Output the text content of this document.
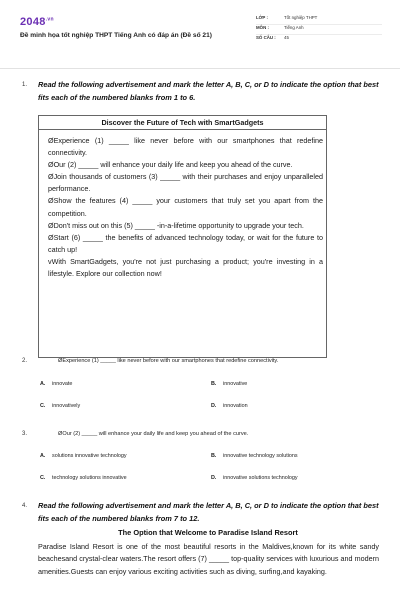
$2048^{.vn}$
Đề minh họa tốt nghiệp THPT Tiếng Anh có đáp án (Đề số 21)
LỚP :	Tốt nghiệp THPT
MÔN :	Tiếng Anh
SỐ CÂU :	45
1. Read the following advertisement and mark the letter A, B, C, or D to indicate the option that best fits each of the numbered blanks from 1 to 6.
Discover the Future of Tech with SmartGadgets

ØExperience (1) _____ like never before with our smartphones that redefine connectivity.

ØOur (2) _____ will enhance your daily life and keep you ahead of the curve.

ØJoin thousands of customers (3) _____ with their purchases and enjoy unparalleled performance.

ØShow the features (4) _____ your customers that truly set you apart from the competition.

ØDon't miss out on this (5) _____ -in-a-lifetime opportunity to upgrade your tech.

ØStart (6) _____ the benefits of advanced technology today, or wait for the future to catch up!

vWith SmartGadgets, you're not just purchasing a product; you're investing in a lifestyle. Explore our collection now!

2.	ØExperience (1) _____ like never before with our smartphones that redefine connectivity.
A. innovate	B. innovative
C. innovatively	D. innovation
3.	ØOur (2) _____ will enhance your daily life and keep you ahead of the curve.
A. solutions innovative technology	B. innovative technology solutions
C. technology solutions innovative	D. innovative solutions technology
4. Read the following advertisement and mark the letter A, B, C, or D to indicate the option that best fits each of the numbered blanks from 7 to 12.
The Option that Welcome to Paradise Island Resort
Paradise Island Resort is one of the most beautiful resorts in the Maldives,known for its white sandy beachesand crystal-clear waters.The resort offers (7) _____ top-quality services with luxurious and modern amenities.Guests can enjoy various exciting activities such as diving, surfing,and kayaking.
